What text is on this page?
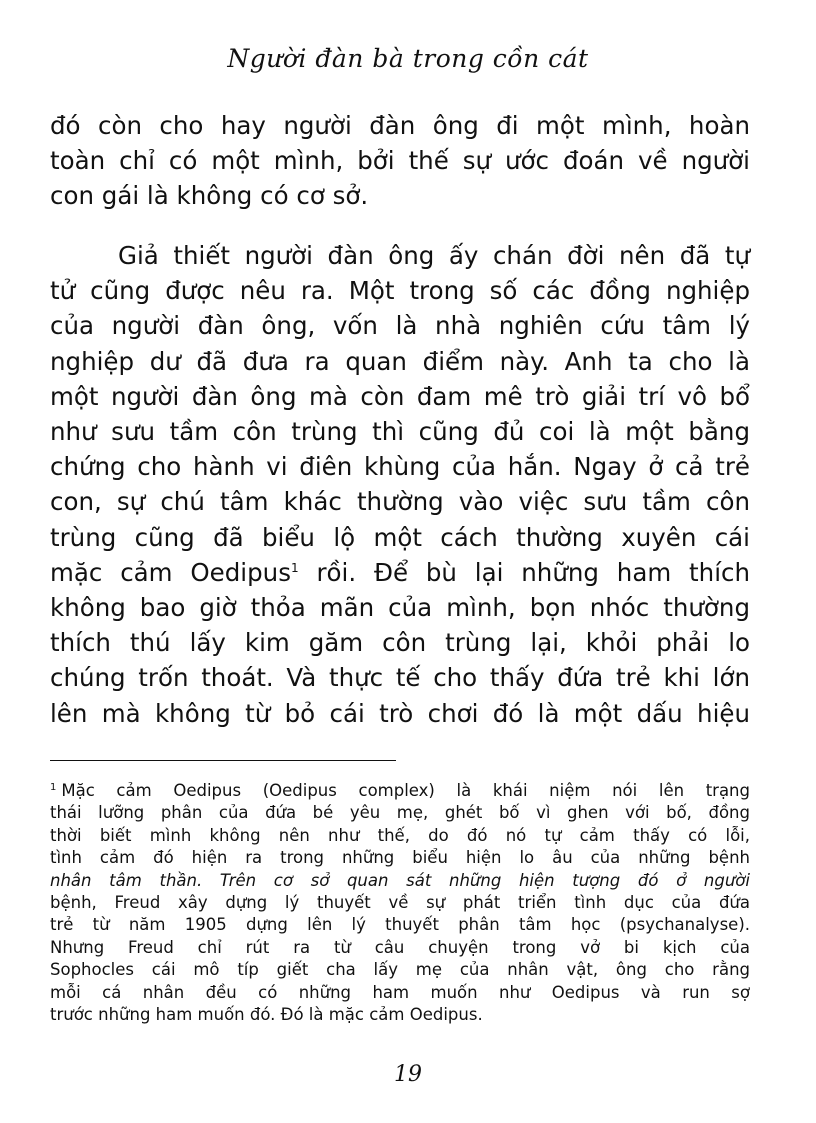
Người đàn bà trong cồn cát
đó còn cho hay người đàn ông đi một mình, hoàn
toàn chỉ có một mình, bởi thế sự ước đoán về người
con gái là không có cơ sở.
Giả thiết người đàn ông ấy chán đời nên đã tự
tử cũng được nêu ra. Một trong số các đồng nghiệp
của người đàn ông, vốn là nhà nghiên cứu tâm lý
nghiệp dư đã đưa ra quan điểm này. Anh ta cho là
một người đàn ông mà còn đam mê trò giải trí vô bổ
như sưu tầm côn trùng thì cũng đủ coi là một bằng
chứng cho hành vi điên khùng của hắn. Ngay ở cả trẻ
con, sự chú tâm khác thường vào việc sưu tầm côn
trùng cũng đã biểu lộ một cách thường xuyên cái
mặc cảm Oedipus$^1$ rồi. Để bù lại những ham thích
không bao giờ thỏa mãn của mình, bọn nhóc thường
thích thú lấy kim găm côn trùng lại, khỏi phải lo
chúng trốn thoát. Và thực tế cho thấy đứa trẻ khi lớn
lên mà không từ bỏ cái trò chơi đó là một dấu hiệu
$^1$ Mặc cảm Oedipus (Oedipus complex) là khái niệm nói lên trạng
thái lưỡng phân của đứa bé yêu mẹ, ghét bố vì ghen với bố, đồng
thời biết mình không nên như thế, do đó nó tự cảm thấy có lỗi,
tình cảm đó hiện ra trong những biểu hiện lo âu của những bệnh
nhân tâm thần. Trên cơ sở quan sát những hiện tượng đó ở người
bệnh, Freud xây dựng lý thuyết về sự phát triển tình dục của đứa
trẻ từ năm 1905 dựng lên lý thuyết phân tâm học (psychanalyse).
Nhưng Freud chỉ rút ra từ câu chuyện trong vở bi kịch của
Sophocles cái mô típ giết cha lấy mẹ của nhân vật, ông cho rằng
mỗi cá nhân đều có những ham muốn như Oedipus và run sợ
trước những ham muốn đó. Đó là mặc cảm Oedipus.
19
